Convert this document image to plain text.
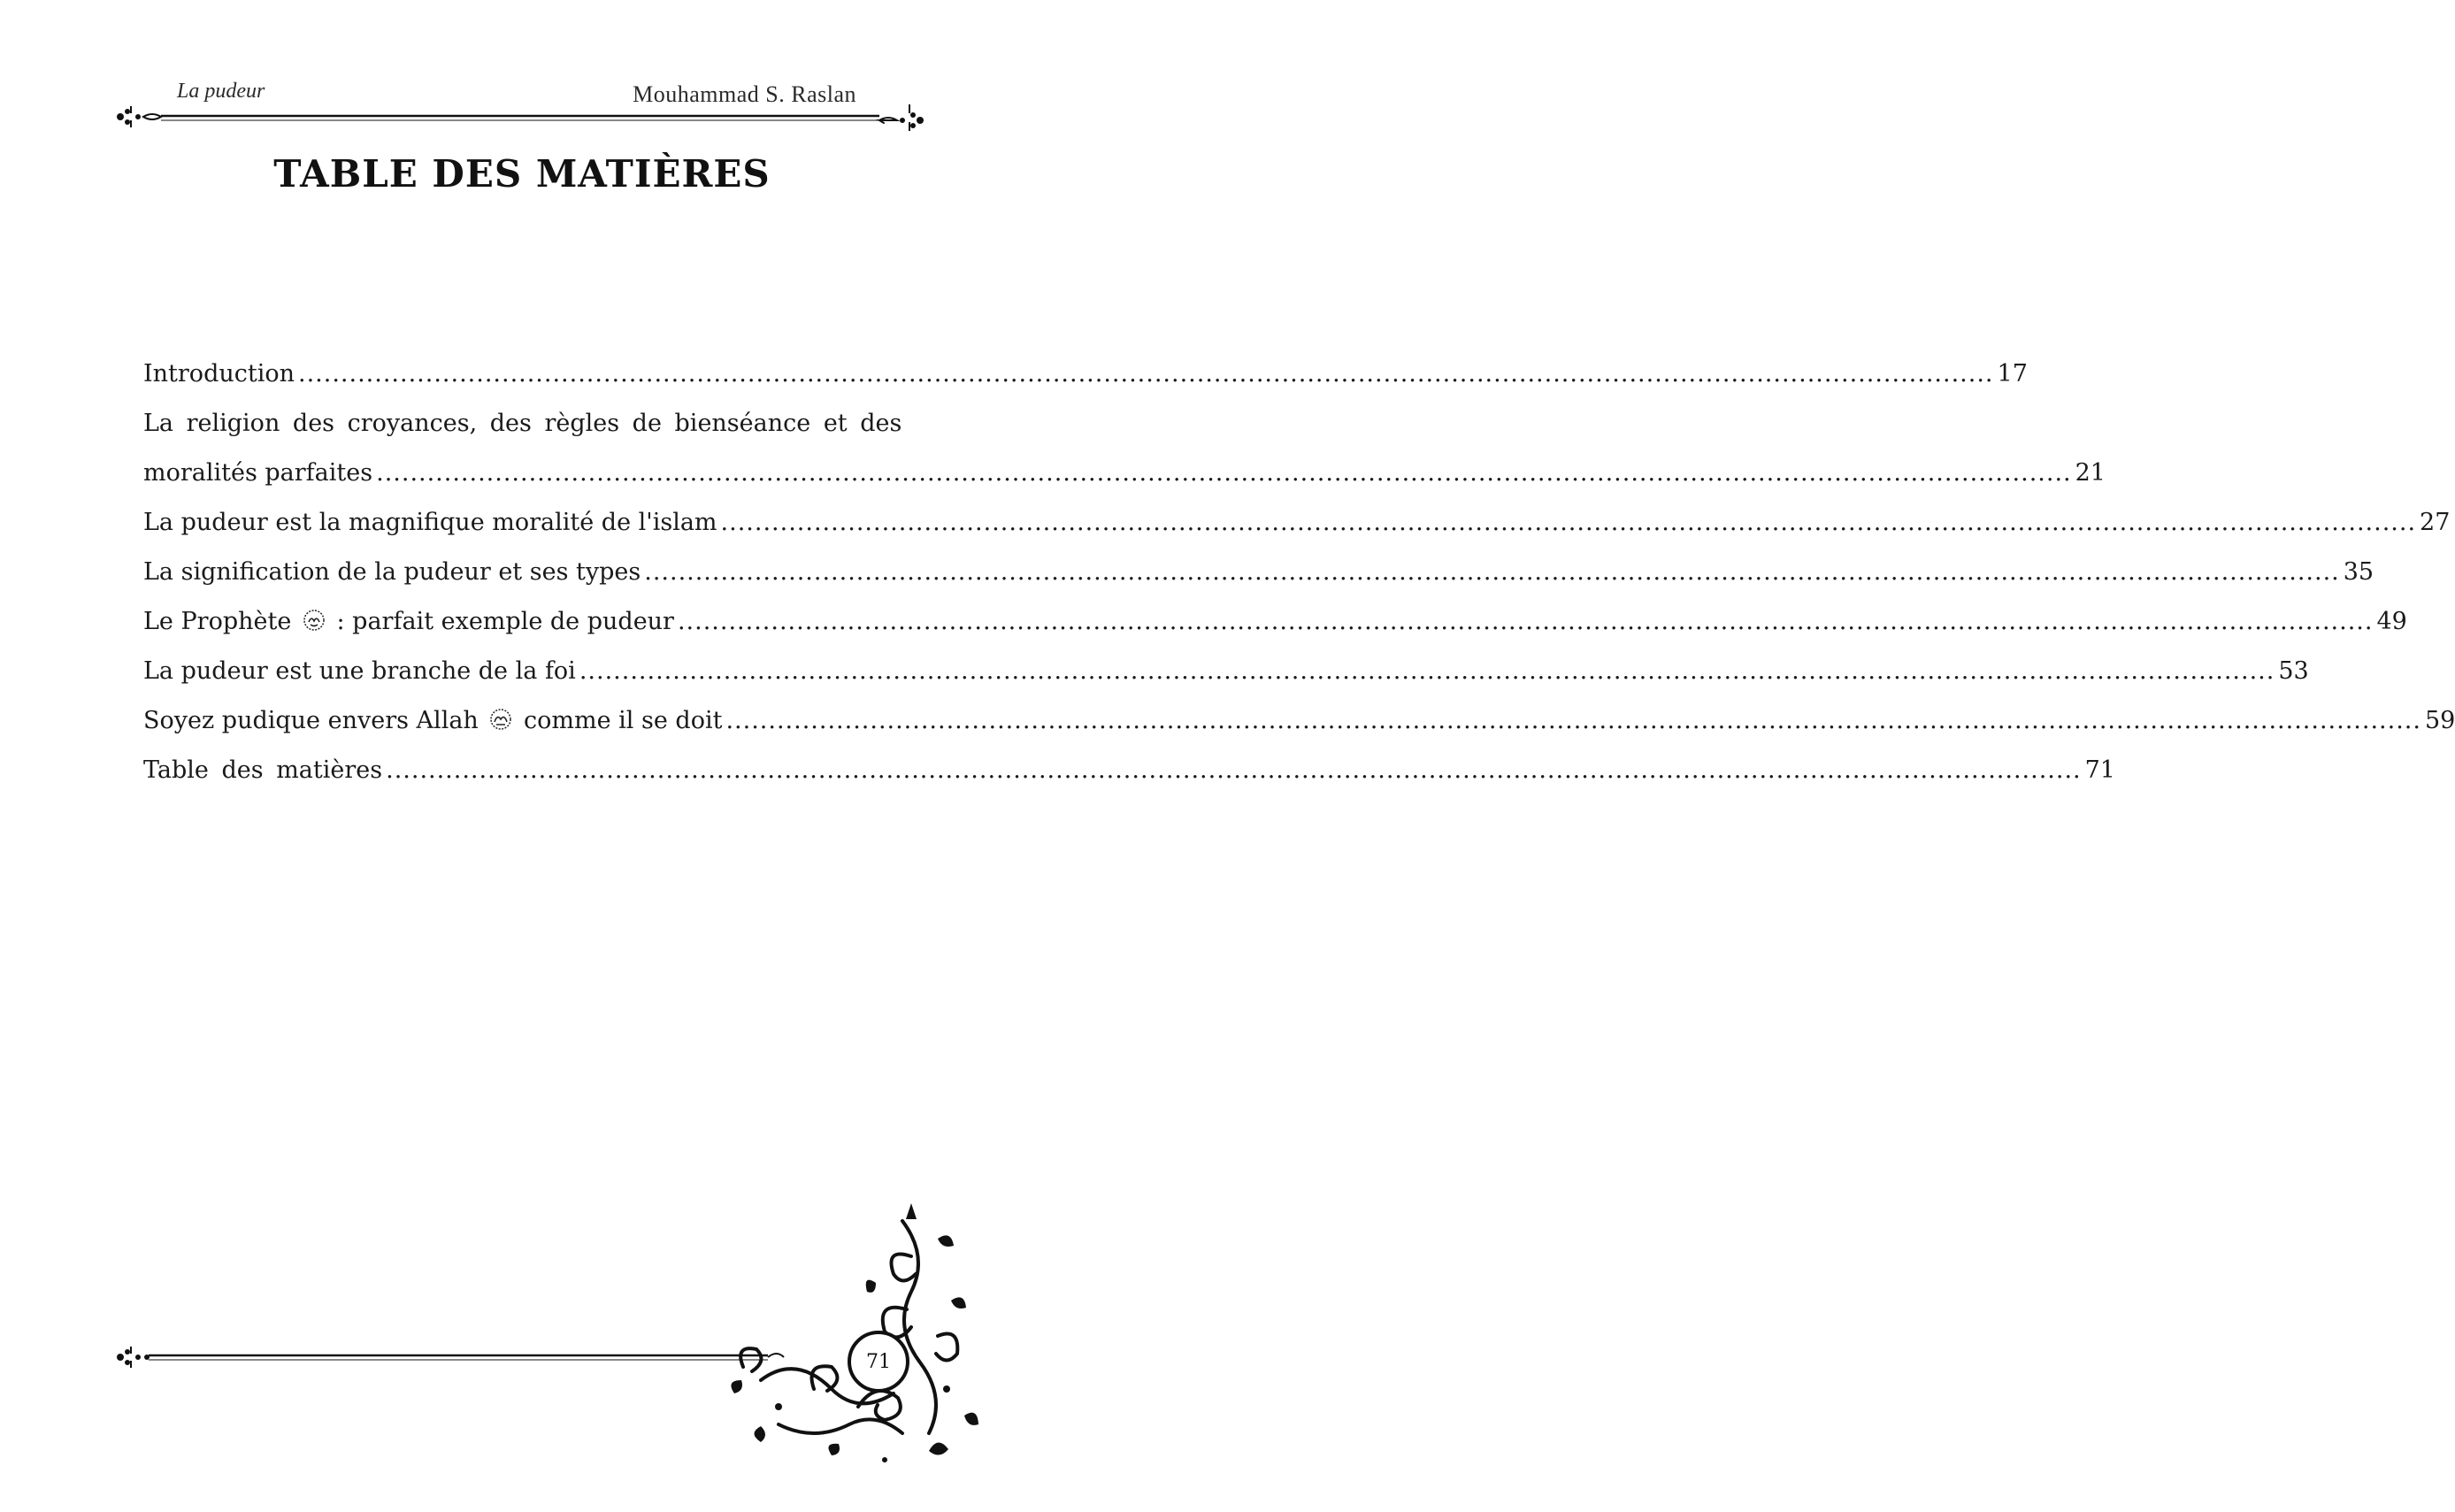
La pudeur	Mouhammad S. Raslan
TABLE DES MATIÈRES
Introduction ........................................................................................................................................................................................................ 17
La religion des croyances, des règles de bienséance et des
moralités parfaites ........................................................................................................................................................................................................ 21
La pudeur est la magnifique moralité de l'islam ........................................................................................................................................................................................................ 27
La signification de la pudeur et ses types ........................................................................................................................................................................................................ 35
Le Prophète : parfait exemple de pudeur ........................................................................................................................................................................................................ 49
La pudeur est une branche de la foi ........................................................................................................................................................................................................ 53
Soyez pudique envers Allah comme il se doit ........................................................................................................................................................................................................ 59
Table des matières ........................................................................................................................................................................................................ 71
71
